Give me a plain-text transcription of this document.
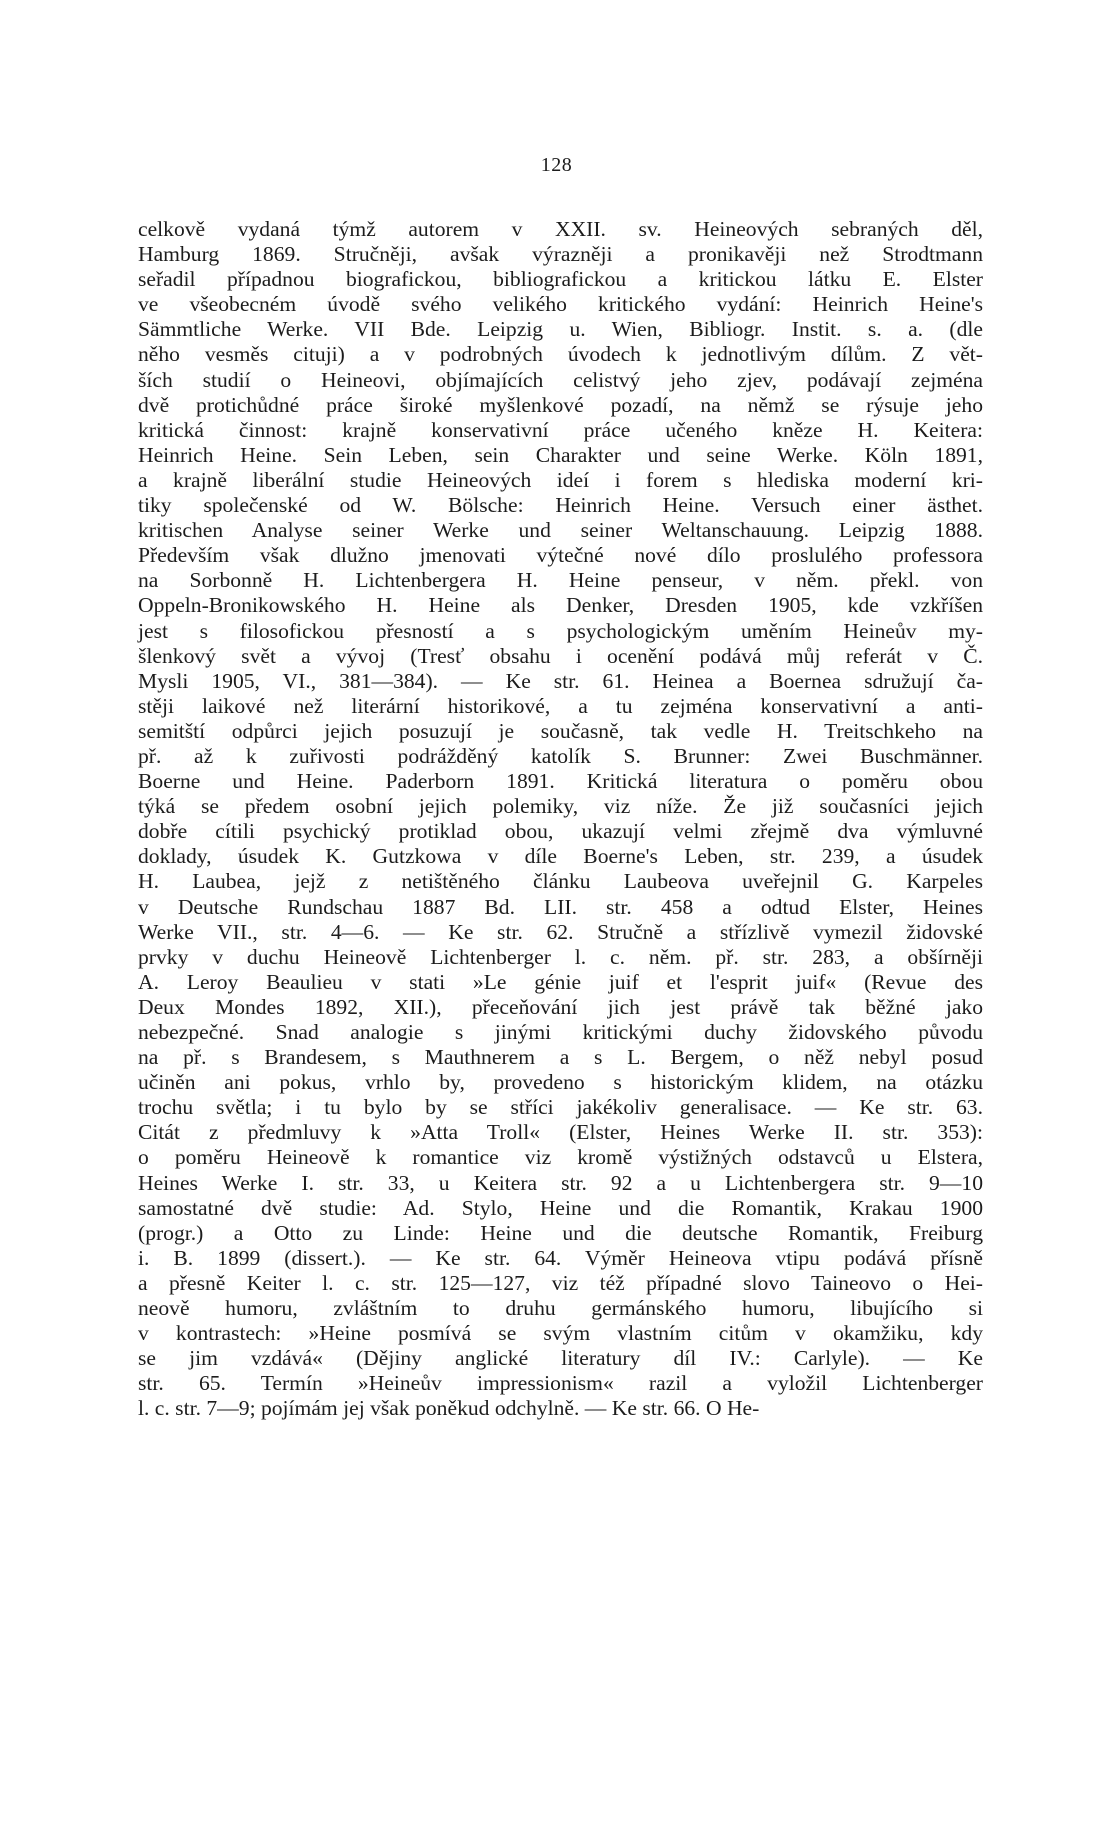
128
celkově vydaná týmž autorem v XXII. sv. Heineových sebraných děl,
Hamburg 1869. Stručněji, avšak výrazněji a pronikavěji než Strodtmann
seřadil případnou biografickou, bibliografickou a kritickou látku E. Elster
ve všeobecném úvodě svého velikého kritického vydání: Heinrich Heine's
Sämmtliche Werke. VII Bde. Leipzig u. Wien, Bibliogr. Instit. s. a. (dle
něho vesměs cituji) a v podrobných úvodech k jednotlivým dílům. Z vět-
ších studií o Heineovi, objímajících celistvý jeho zjev, podávají zejména
dvě protichůdné práce široké myšlenkové pozadí, na němž se rýsuje jeho
kritická činnost: krajně konservativní práce učeného kněze H. Keitera:
Heinrich Heine. Sein Leben, sein Charakter und seine Werke. Köln 1891,
a krajně liberální studie Heineových ideí i forem s hlediska moderní kri-
tiky společenské od W. Bölsche: Heinrich Heine. Versuch einer ästhet.
kritischen Analyse seiner Werke und seiner Weltanschauung. Leipzig 1888.
Především však dlužno jmenovati výtečné nové dílo proslulého professora
na Sorbonně H. Lichtenbergera H. Heine penseur, v něm. překl. von
Oppeln-Bronikowského H. Heine als Denker, Dresden 1905, kde vzkříšen
jest s filosofickou přesností a s psychologickým uměním Heineův my-
šlenkový svět a vývoj (Tresť obsahu i ocenění podává můj referát v Č.
Mysli 1905, VI., 381—384). — Ke str. 61. Heinea a Boernea sdružují ča-
stěji laikové než literární historikové, a tu zejména konservativní a anti-
semitští odpůrci jejich posuzují je současně, tak vedle H. Treitschkeho na
př. až k zuřivosti podrážděný katolík S. Brunner: Zwei Buschmänner.
Boerne und Heine. Paderborn 1891. Kritická literatura o poměru obou
týká se předem osobní jejich polemiky, viz níže. Že již současníci jejich
dobře cítili psychický protiklad obou, ukazují velmi zřejmě dva výmluvné
doklady, úsudek K. Gutzkowa v díle Boerne's Leben, str. 239, a úsudek
H. Laubea, jejž z netištěného článku Laubeova uveřejnil G. Karpeles
v Deutsche Rundschau 1887 Bd. LII. str. 458 a odtud Elster, Heines
Werke VII., str. 4—6. — Ke str. 62. Stručně a střízlivě vymezil židovské
prvky v duchu Heineově Lichtenberger l. c. něm. př. str. 283, a obšírněji
A. Leroy Beaulieu v stati »Le génie juif et l'esprit juif« (Revue des
Deux Mondes 1892, XII.), přeceňování jich jest právě tak běžné jako
nebezpečné. Snad analogie s jinými kritickými duchy židovského původu
na př. s Brandesem, s Mauthnerem a s L. Bergem, o něž nebyl posud
učiněn ani pokus, vrhlo by, provedeno s historickým klidem, na otázku
trochu světla; i tu bylo by se stříci jakékoliv generalisace. — Ke str. 63.
Citát z předmluvy k »Atta Troll« (Elster, Heines Werke II. str. 353):
o poměru Heineově k romantice viz kromě výstižných odstavců u Elstera,
Heines Werke I. str. 33, u Keitera str. 92 a u Lichtenbergera str. 9—10
samostatné dvě studie: Ad. Stylo, Heine und die Romantik, Krakau 1900
(progr.) a Otto zu Linde: Heine und die deutsche Romantik, Freiburg
i. B. 1899 (dissert.). — Ke str. 64. Výměr Heineova vtipu podává přísně
a přesně Keiter l. c. str. 125—127, viz též případné slovo Taineovo o Hei-
neově humoru, zvláštním to druhu germánského humoru, libujícího si
v kontrastech: »Heine posmívá se svým vlastním citům v okamžiku, kdy
se jim vzdává« (Dějiny anglické literatury díl IV.: Carlyle). — Ke
str. 65. Termín »Heineův impressionism« razil a vyložil Lichtenberger
l. c. str. 7—9; pojímám jej však poněkud odchylně. — Ke str. 66. O He-
